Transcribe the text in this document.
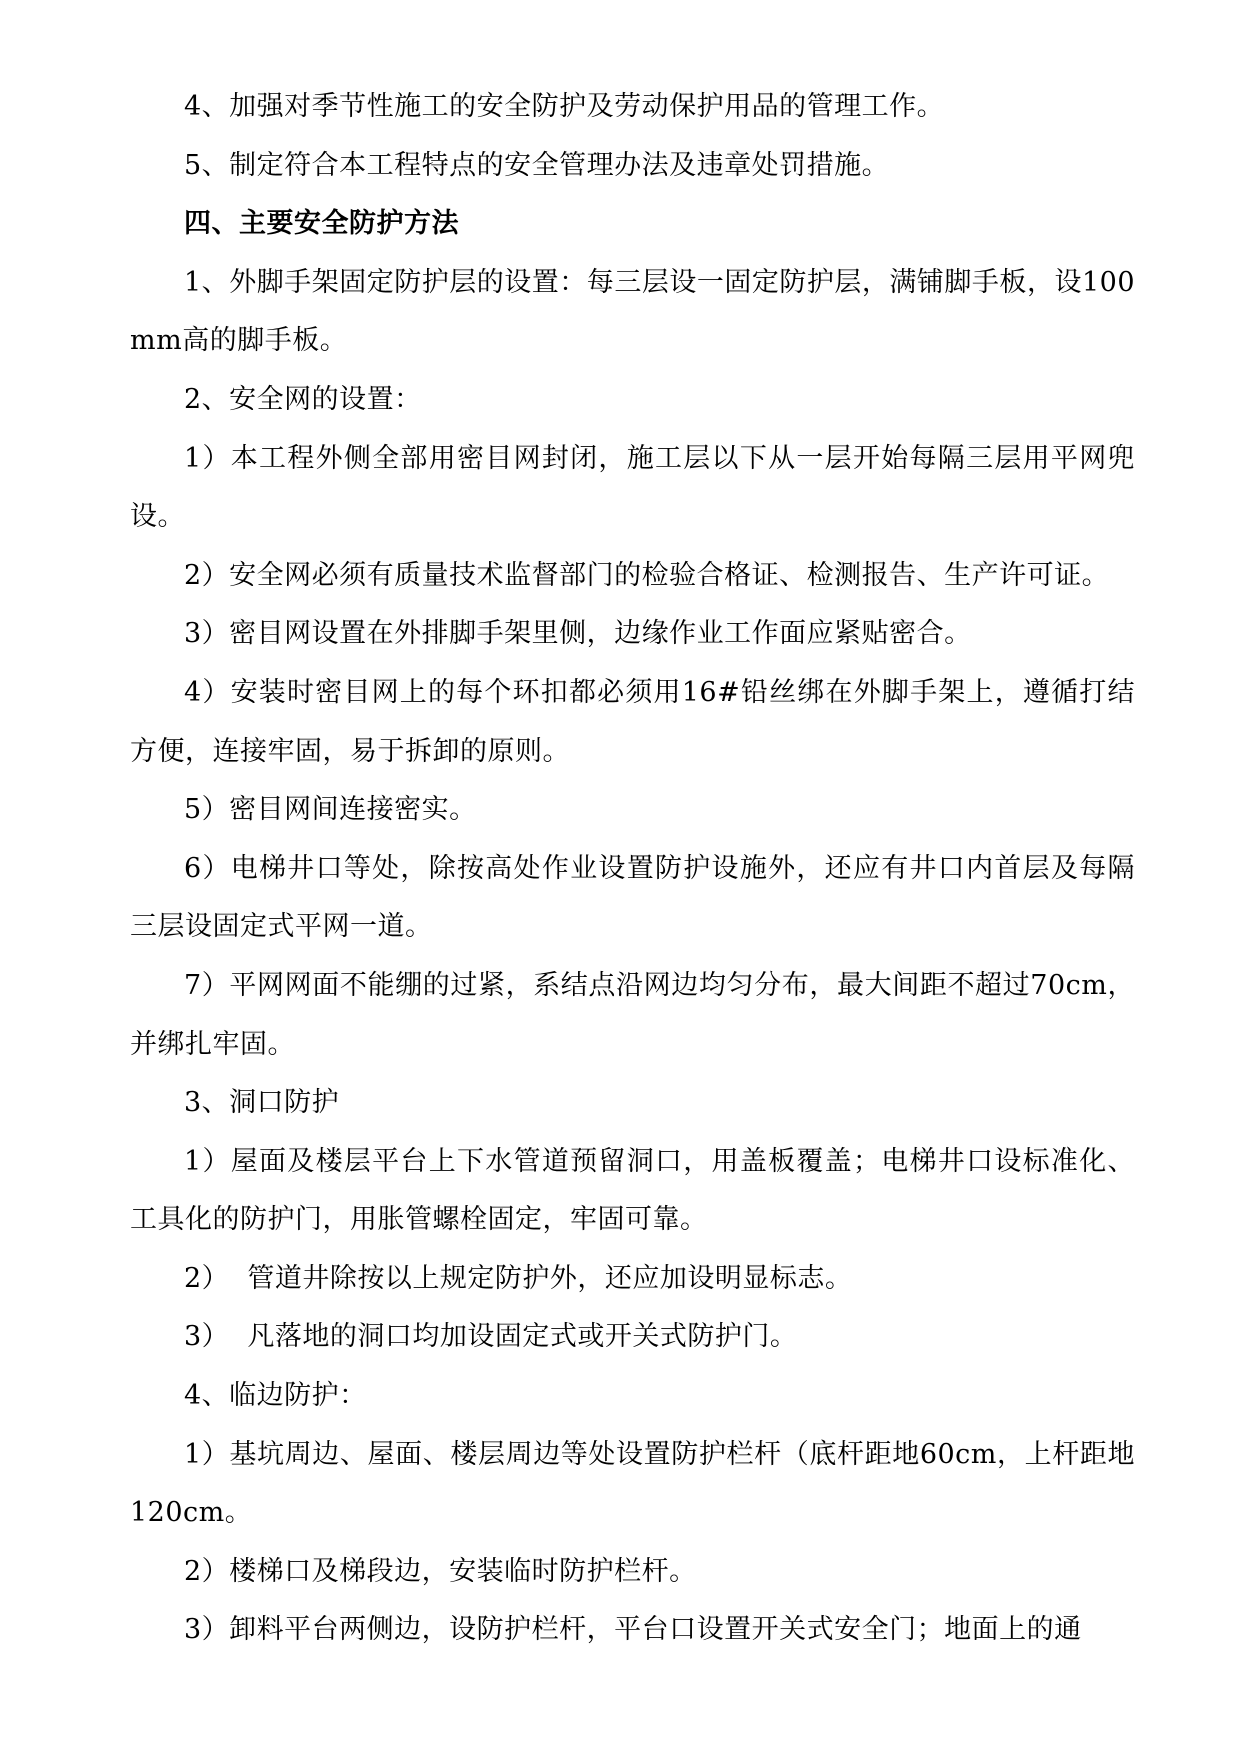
4、加强对季节性施工的安全防护及劳动保护用品的管理工作。

5、制定符合本工程特点的安全管理办法及违章处罚措施。

四、主要安全防护方法

1、外脚手架固定防护层的设置：每三层设一固定防护层，满铺脚手板，设100mm高的脚手板。

2、安全网的设置：

1）本工程外侧全部用密目网封闭，施工层以下从一层开始每隔三层用平网兜设。

2）安全网必须有质量技术监督部门的检验合格证、检测报告、生产许可证。

3）密目网设置在外排脚手架里侧，边缘作业工作面应紧贴密合。

4）安装时密目网上的每个环扣都必须用16#铅丝绑在外脚手架上，遵循打结方便，连接牢固，易于拆卸的原则。

5）密目网间连接密实。

6）电梯井口等处，除按高处作业设置防护设施外，还应有井口内首层及每隔三层设固定式平网一道。

7）平网网面不能绷的过紧，系结点沿网边均匀分布，最大间距不超过70cm，并绑扎牢固。

3、洞口防护

1）屋面及楼层平台上下水管道预留洞口，用盖板覆盖；电梯井口设标准化、工具化的防护门，用胀管螺栓固定，牢固可靠。

2）  管道井除按以上规定防护外，还应加设明显标志。

3）  凡落地的洞口均加设固定式或开关式防护门。

4、临边防护：

1）基坑周边、屋面、楼层周边等处设置防护栏杆（底杆距地60cm，上杆距地120cm。

2）楼梯口及梯段边，安装临时防护栏杆。

3）卸料平台两侧边，设防护栏杆，平台口设置开关式安全门；地面上的通
